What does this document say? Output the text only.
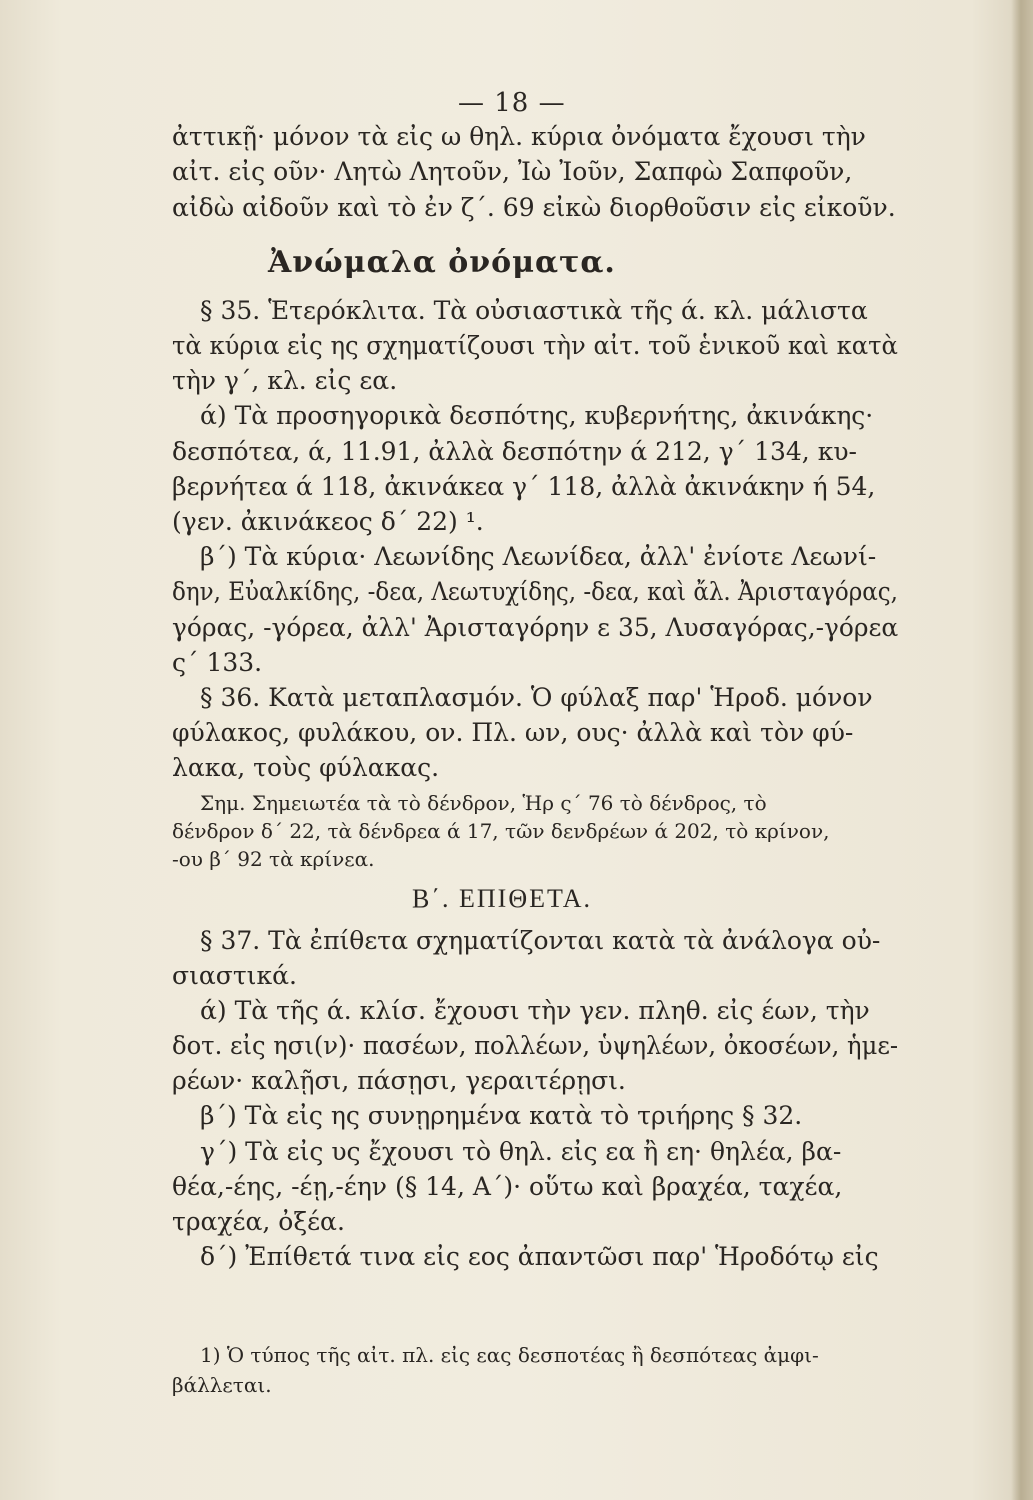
— 18 —
ἀττικῇ· μόνον τὰ εἰς ω θηλ. κύρια ὀνόματα ἔχουσι τὴν
αἰτ. εἰς οῦν· Λητὼ Λητοῦν, Ἰὼ Ἰοῦν, Σαπφὼ Σαπφοῦν,
αἰδὼ αἰδοῦν καὶ τὸ ἐν ζ΄. 69 εἰκὼ διορθοῦσιν εἰς εἰκοῦν.
Ἀνώμαλα ὀνόματα.
§ 35. Ἑτερόκλιτα. Τὰ οὐσιαστικὰ τῆς ά. κλ. μάλιστα
τὰ κύρια εἰς ης σχηματίζουσι τὴν αἰτ. τοῦ ἑνικοῦ καὶ κατὰ
τὴν γ΄, κλ. εἰς εα.
ά) Τὰ προσηγορικὰ δεσπότης, κυβερνήτης, ἀκινάκης·
δεσπότεα, ά, 11.91, ἀλλὰ δεσπότην ά 212, γ΄ 134, κυ-
βερνήτεα ά 118, ἀκινάκεα γ΄ 118, ἀλλὰ ἀκινάκην ή 54,
(γεν. ἀκινάκεος δ΄ 22) ¹.
β΄) Τὰ κύρια· Λεωνίδης Λεωνίδεα, ἀλλ' ἐνίοτε Λεωνί-
δην, Εὐαλκίδης, -δεα, Λεωτυχίδης, -δεα, καὶ ἄλ. Ἀρισταγόρας,
γόρας, -γόρεα, ἀλλ' Ἀρισταγόρην ε 35, Λυσαγόρας,-γόρεα
ς΄ 133.
§ 36. Κατὰ μεταπλασμόν. Ὁ φύλαξ παρ' Ἡροδ. μόνον
φύλακος, φυλάκου, ον. Πλ. ων, ους· ἀλλὰ καὶ τὸν φύ-
λακα, τοὺς φύλακας.
Σημ. Σημειωτέα τὰ τὸ δένδρον, Ἡρ ς΄ 76 τὸ δένδρος, τὸ
δένδρον δ΄ 22, τὰ δένδρεα ά 17, τῶν δενδρέων ά 202, τὸ κρίνον,
-ου β΄ 92 τὰ κρίνεα.
Β΄. ΕΠΙΘΕΤΑ.
§ 37. Τὰ ἐπίθετα σχηματίζονται κατὰ τὰ ἀνάλογα οὐ-
σιαστικά.
ά) Τὰ τῆς ά. κλίσ. ἔχουσι τὴν γεν. πληθ. εἰς έων, τὴν
δοτ. εἰς ησι(ν)· πασέων, πολλέων, ὑψηλέων, ὀκοσέων, ἡμε-
ρέων· καλῇσι, πάσῃσι, γεραιτέρῃσι.
β΄) Τὰ εἰς ης συνῃρημένα κατὰ τὸ τριήρης § 32.
γ΄) Τὰ εἰς υς ἔχουσι τὸ θηλ. εἰς εα ἢ εη· θηλέα, βα-
θέα,-έης, -έῃ,-έην (§ 14, Α΄)· οὕτω καὶ βραχέα, ταχέα,
τραχέα, ὀξέα.
δ΄) Ἐπίθετά τινα εἰς εος ἀπαντῶσι παρ' Ἡροδότῳ εἰς
1) Ὁ τύπος τῆς αἰτ. πλ. εἰς εας δεσποτέας ἢ δεσπότεας ἀμφι-
βάλλεται.
